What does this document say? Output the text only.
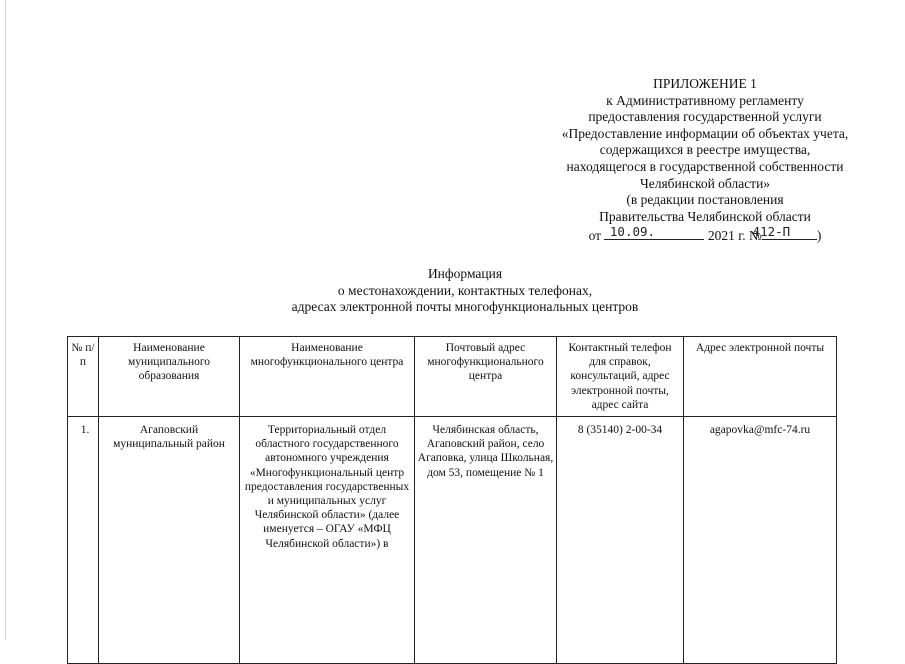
ПРИЛОЖЕНИЕ 1
к Административному регламенту
предоставления государственной услуги
«Предоставление информации об объектах учета,
содержащихся в реестре имущества,
находящегося в государственной собственности
Челябинской области»
(в редакции постановления
Правительства Челябинской области
от 10.09.	2021 г. №
412-П	)
Информация
о местонахождении, контактных телефонах,
адресах электронной почты многофункциональных центров
№ п/п	Наименование муниципального образования	Наименование многофункционального центра	Почтовый адрес многофункционального центра	Контактный телефон для справок, консультаций, адрес электронной почты, адрес сайта	Адрес электронной почты
1.	Агаповский муниципальный район	Территориальный отдел областного государственного автономного учреждения «Многофункциональный центр предоставления государственных и муниципальных услуг Челябинской области» (далее именуется – ОГАУ «МФЦ Челябинской области») в	Челябинская область, Агаповский район, село Агаповка, улица Школьная, дом 53, помещение № 1	8 (35140) 2-00-34	agapovka@mfc-74.ru
